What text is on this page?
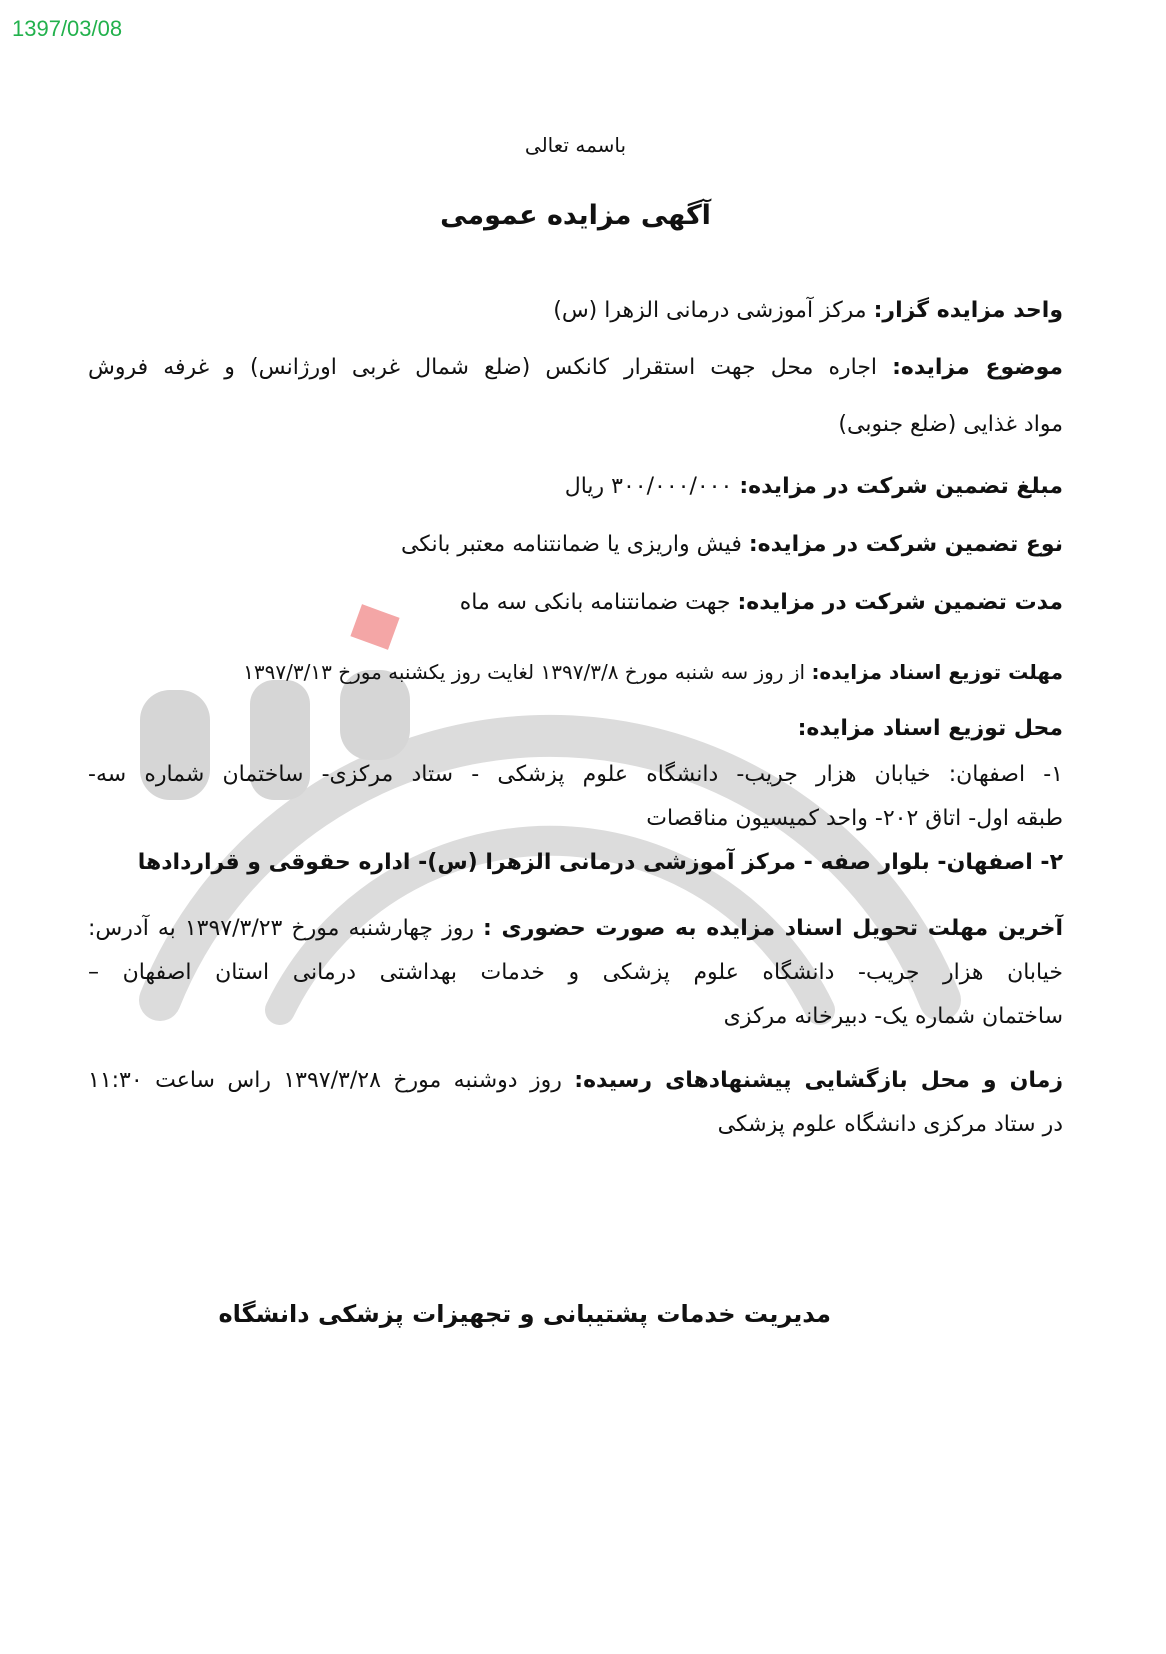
1397/03/08
باسمه تعالی
آگهی مزایده عمومی
واحد مزایده گزار: مرکز آموزشی درمانی الزهرا (س)
موضوع مزایده: اجاره محل جهت استقرار کانکس (ضلع شمال غربی اورژانس) و غرفه فروش
مواد غذایی (ضلع جنوبی)
مبلغ تضمین شرکت در مزایده: ۳۰۰/۰۰۰/۰۰۰ ریال
نوع تضمین شرکت در مزایده: فیش واریزی یا ضمانتنامه معتبر بانکی
مدت تضمین شرکت در مزایده: جهت ضمانتنامه بانکی سه ماه
مهلت توزیع اسناد مزایده: از روز سه شنبه مورخ ۱۳۹۷/۳/۸ لغایت روز یکشنبه مورخ ۱۳۹۷/۳/۱۳
محل توزیع اسناد مزایده:
۱- اصفهان: خیابان هزار جریب- دانشگاه علوم پزشکی - ستاد مرکزی- ساختمان شماره سه-
طبقه اول- اتاق ۲۰۲- واحد کمیسیون مناقصات
۲- اصفهان- بلوار صفه - مرکز آموزشی درمانی الزهرا (س)- اداره حقوقی و قراردادها
آخرین مهلت تحویل اسناد مزایده به صورت حضوری : روز چهارشنبه مورخ ۱۳۹۷/۳/۲۳ به آدرس:
خیابان هزار جریب- دانشگاه علوم پزشکی و خدمات بهداشتی درمانی استان اصفهان –
ساختمان شماره یک- دبیرخانه مرکزی
زمان و محل بازگشایی پیشنهادهای رسیده: روز دوشنبه مورخ ۱۳۹۷/۳/۲۸ راس ساعت ۱۱:۳۰
در ستاد مرکزی دانشگاه علوم پزشکی
مدیریت خدمات پشتیبانی و تجهیزات پزشکی دانشگاه
